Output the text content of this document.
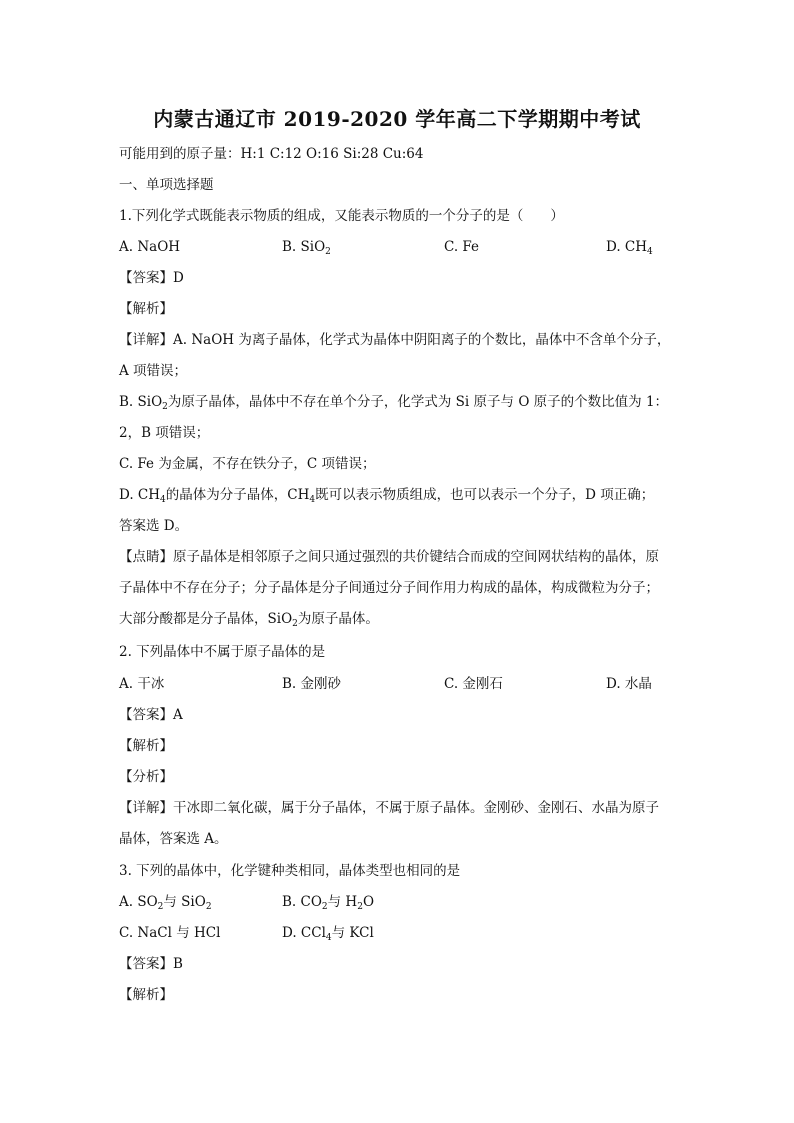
内蒙古通辽市 2019-2020 学年高二下学期期中考试
可能用到的原子量：H:1 C:12 O:16 Si:28 Cu:64
一、单项选择题
1.下列化学式既能表示物质的组成，又能表示物质的一个分子的是（　　）
A. NaOH	B. SiO$_2$	C. Fe	D. $CH_4$
【答案】D
【解析】
【详解】A. NaOH 为离子晶体，化学式为晶体中阴阳离子的个数比，晶体中不含单个分子，
A 项错误；
B. SiO$_2$为原子晶体，晶体中不存在单个分子，化学式为 Si 原子与 O 原子的个数比值为 1：
2，B 项错误；
C. Fe 为金属，不存在铁分子，C 项错误；
D. $CH_4$的晶体为分子晶体，$CH_4$既可以表示物质组成，也可以表示一个分子，D 项正确；
答案选 D。
【点睛】原子晶体是相邻原子之间只通过强烈的共价键结合而成的空间网状结构的晶体，原
子晶体中不存在分子；分子晶体是分子间通过分子间作用力构成的晶体，构成微粒为分子；
大部分酸都是分子晶体，SiO$_2$为原子晶体。
2. 下列晶体中不属于原子晶体的是
A. 干冰	B. 金刚砂	C. 金刚石	D. 水晶
【答案】A
【解析】
【分析】
【详解】干冰即二氧化碳，属于分子晶体，不属于原子晶体。金刚砂、金刚石、水晶为原子
晶体，答案选 A。
3. 下列的晶体中，化学键种类相同，晶体类型也相同的是
A. $SO_2$与 SiO$_2$	B. $CO_2$与 $H_2O$
C. NaCl 与 HCl	D. CCl$_4$与 KCl
【答案】B
【解析】
